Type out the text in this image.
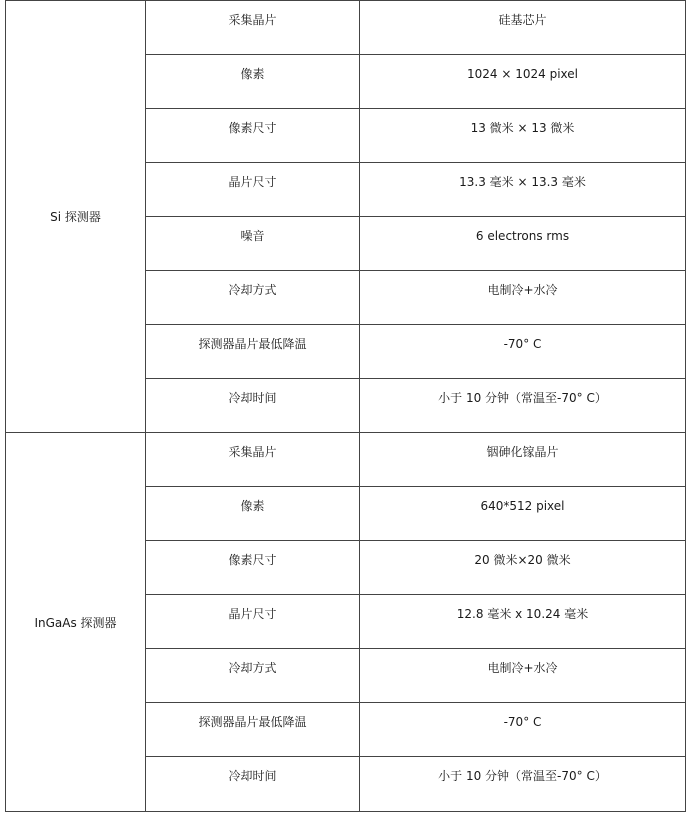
Si 探测器	采集晶片	硅基芯片

	像素	1024 × 1024 pixel

	像素尺寸	13 微米 × 13 微米

	晶片尺寸	13.3 毫米 × 13.3 毫米

	噪音	6 electrons rms

	冷却方式	电制冷+水冷

	探测器晶片最低降温	-70° C

	冷却时间	小于 10 分钟（常温至-70° C）

InGaAs 探测器	采集晶片	铟砷化镓晶片

	像素	640*512 pixel

	像素尺寸	20 微米×20 微米

	晶片尺寸	12.8 毫米 x 10.24 毫米

	冷却方式	电制冷+水冷

	探测器晶片最低降温	-70° C

	冷却时间	小于 10 分钟（常温至-70° C）
